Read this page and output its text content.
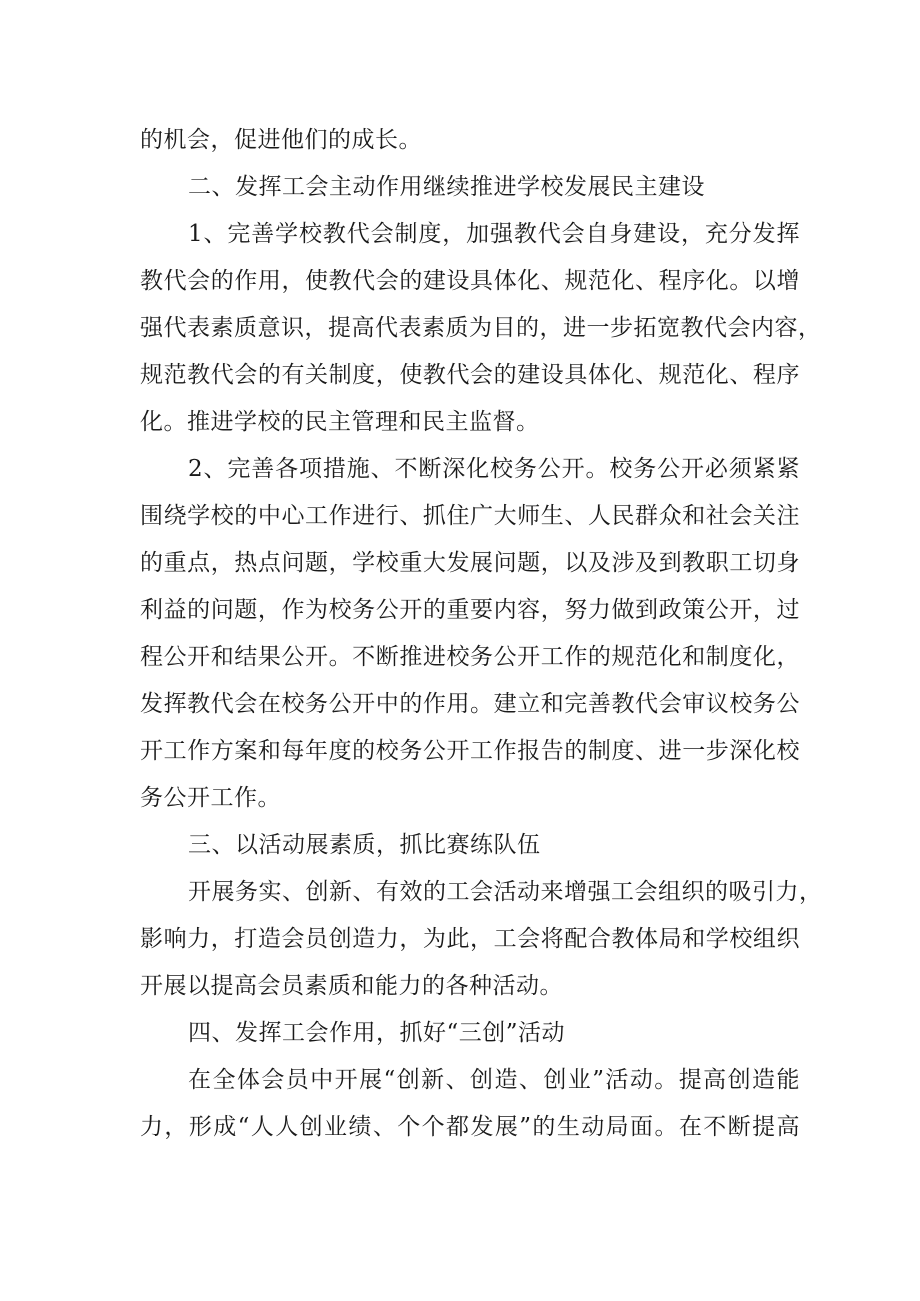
的机会，促进他们的成长。
二、发挥工会主动作用继续推进学校发展民主建设
1、完善学校教代会制度，加强教代会自身建设，充分发挥
教代会的作用，使教代会的建设具体化、规范化、程序化。以增
强代表素质意识，提高代表素质为目的，进一步拓宽教代会内容，
规范教代会的有关制度，使教代会的建设具体化、规范化、程序
化。推进学校的民主管理和民主监督。
2、完善各项措施、不断深化校务公开。校务公开必须紧紧
围绕学校的中心工作进行、抓住广大师生、人民群众和社会关注
的重点，热点问题，学校重大发展问题，以及涉及到教职工切身
利益的问题，作为校务公开的重要内容，努力做到政策公开，过
程公开和结果公开。不断推进校务公开工作的规范化和制度化，
发挥教代会在校务公开中的作用。建立和完善教代会审议校务公
开工作方案和每年度的校务公开工作报告的制度、进一步深化校
务公开工作。
三、以活动展素质，抓比赛练队伍
开展务实、创新、有效的工会活动来增强工会组织的吸引力，
影响力，打造会员创造力，为此，工会将配合教体局和学校组织
开展以提高会员素质和能力的各种活动。
四、发挥工会作用，抓好“三创”活动
在全体会员中开展“创新、创造、创业”活动。提高创造能
力，形成“人人创业绩、个个都发展”的生动局面。在不断提高
